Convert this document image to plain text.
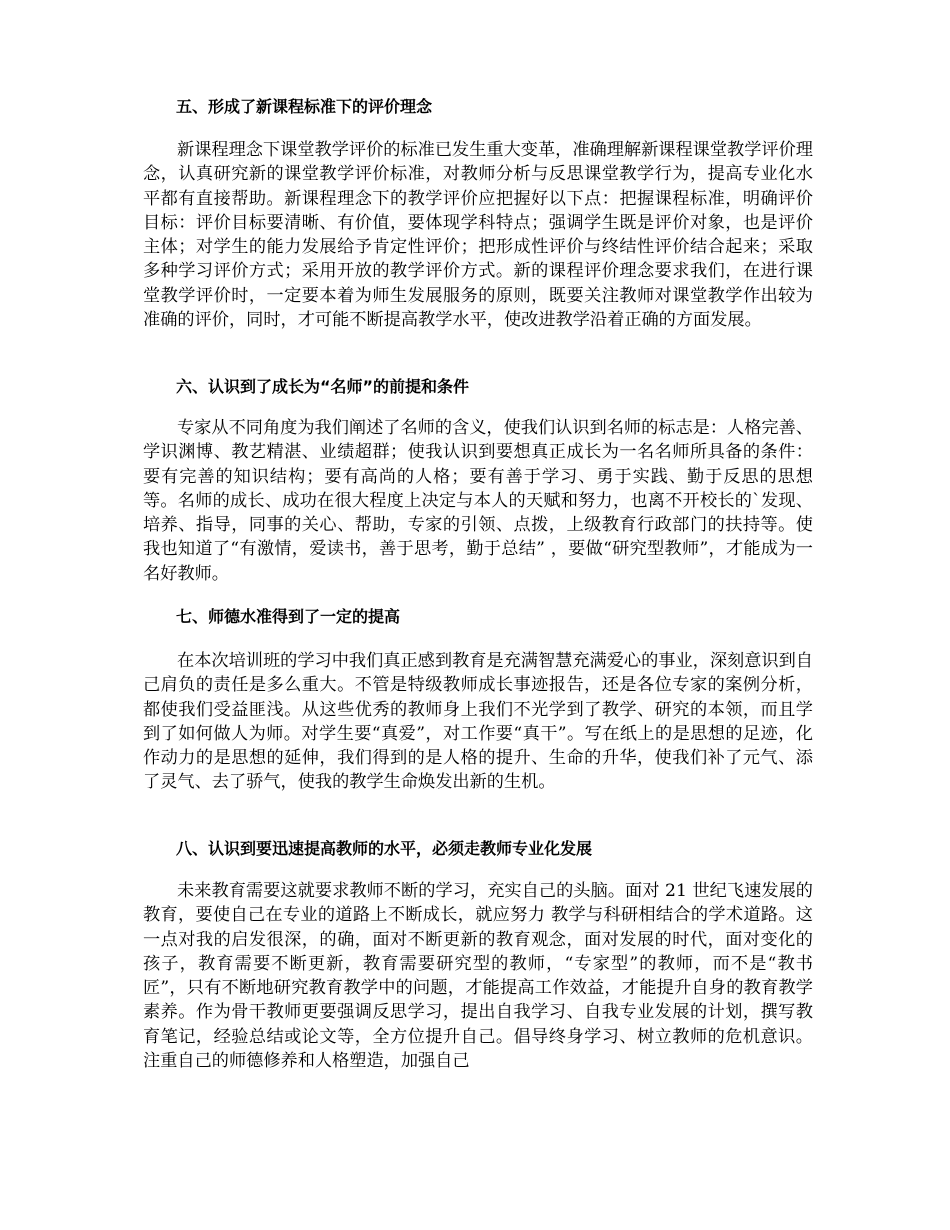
五、形成了新课程标准下的评价理念

新课程理念下课堂教学评价的标准已发生重大变革，准确理解新课程课堂教学评价理念，认真研究新的课堂教学评价标准，对教师分析与反思课堂教学行为，提高专业化水平都有直接帮助。新课程理念下的教学评价应把握好以下点：把握课程标准，明确评价目标：评价目标要清晰、有价值，要体现学科特点；强调学生既是评价对象，也是评价主体；对学生的能力发展给予肯定性评价；把形成性评价与终结性评价结合起来；采取多种学习评价方式；采用开放的教学评价方式。新的课程评价理念要求我们，在进行课堂教学评价时，一定要本着为师生发展服务的原则，既要关注教师对课堂教学作出较为准确的评价，同时，才可能不断提高教学水平，使改进教学沿着正确的方面发展。

六、认识到了成长为“名师”的前提和条件

专家从不同角度为我们阐述了名师的含义，使我们认识到名师的标志是：人格完善、学识渊博、教艺精湛、业绩超群；使我认识到要想真正成长为一名名师所具备的条件：要有完善的知识结构；要有高尚的人格；要有善于学习、勇于实践、勤于反思的思想等。名师的成长、成功在很大程度上决定与本人的天赋和努力，也离不开校长的`发现、培养、指导，同事的关心、帮助，专家的引领、点拨，上级教育行政部门的扶持等。使我也知道了“有激情，爱读书，善于思考，勤于总结” ，要做“研究型教师”，才能成为一名好教师。

七、师德水准得到了一定的提高

在本次培训班的学习中我们真正感到教育是充满智慧充满爱心的事业，深刻意识到自己肩负的责任是多么重大。不管是特级教师成长事迹报告，还是各位专家的案例分析，都使我们受益匪浅。从这些优秀的教师身上我们不光学到了教学、研究的本领，而且学到了如何做人为师。对学生要“真爱”，对工作要“真干”。写在纸上的是思想的足迹，化作动力的是思想的延伸，我们得到的是人格的提升、生命的升华，使我们补了元气、添了灵气、去了骄气，使我的教学生命焕发出新的生机。

八、认识到要迅速提高教师的水平，必须走教师专业化发展

未来教育需要这就要求教师不断的学习，充实自己的头脑。面对 21 世纪飞速发展的教育，要使自己在专业的道路上不断成长，就应努力 教学与科研相结合的学术道路。这一点对我的启发很深，的确，面对不断更新的教育观念，面对发展的时代，面对变化的孩子，教育需要不断更新，教育需要研究型的教师，“专家型”的教师，而不是“教书匠”，只有不断地研究教育教学中的问题，才能提高工作效益，才能提升自身的教育教学素养。作为骨干教师更要强调反思学习，提出自我学习、自我专业发展的计划，撰写教育笔记，经验总结或论文等，全方位提升自己。倡导终身学习、树立教师的危机意识。注重自己的师德修养和人格塑造，加强自己
